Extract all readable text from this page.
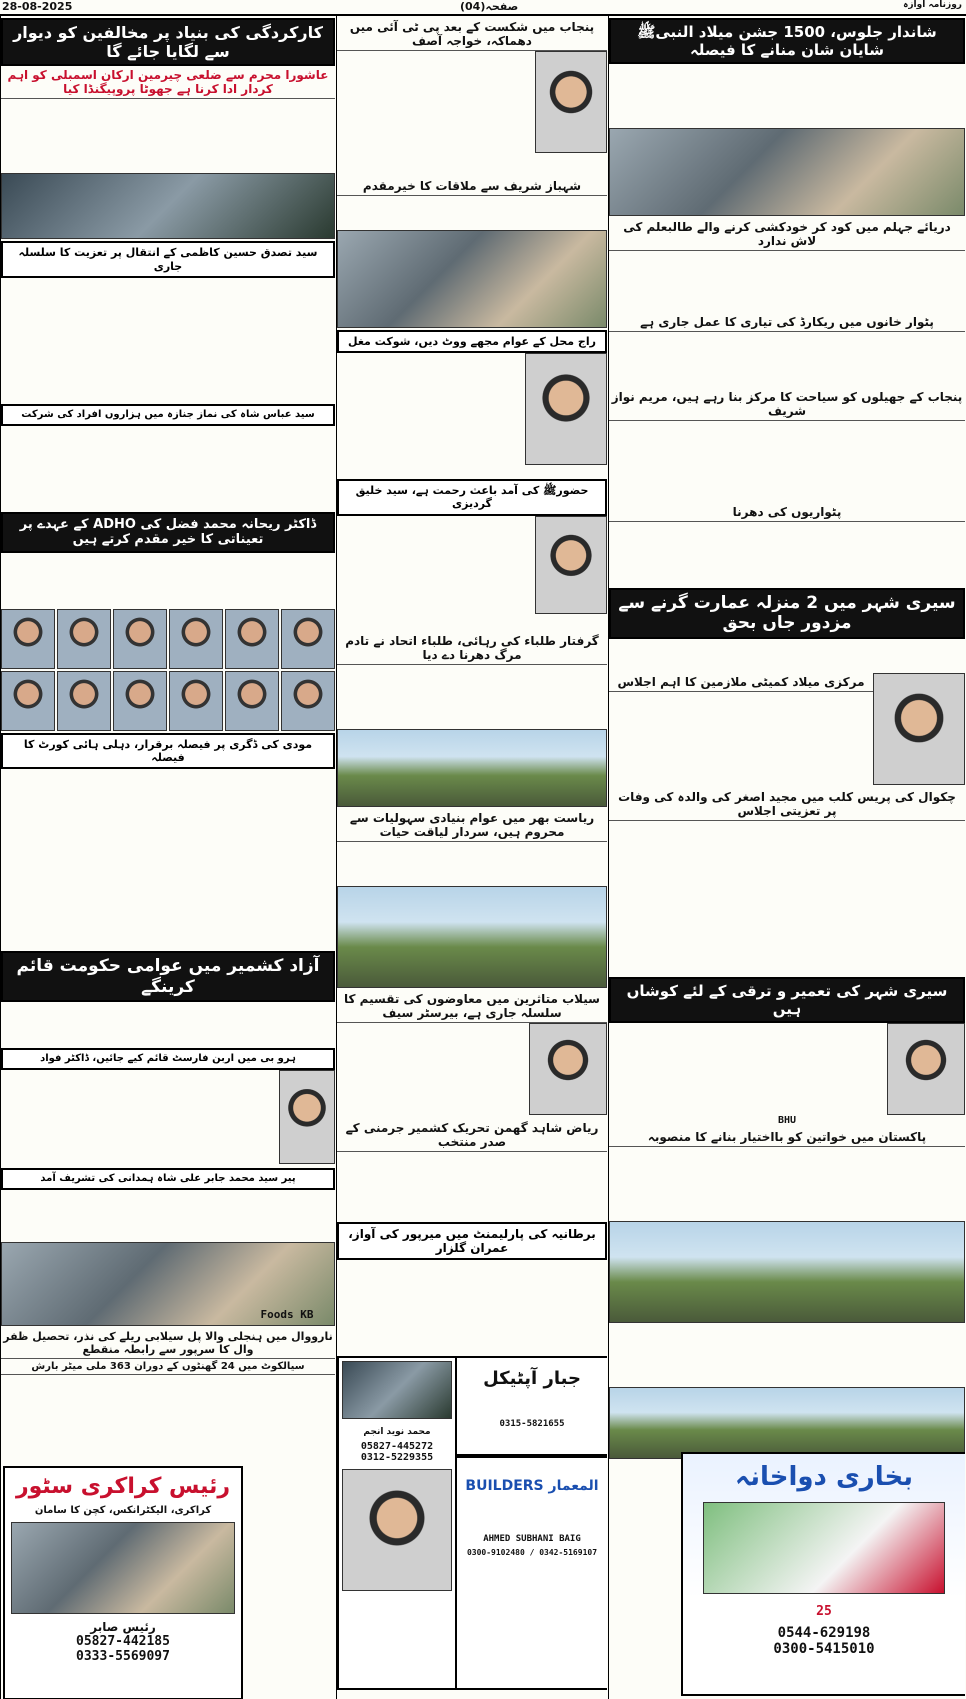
28-08-2025	صفحہ(04)	روزنامہ آوازہ
کارکردگی کی بنیاد پر مخالفین کو دیوار سے لگایا جائے گا
عاشورا محرم سے ضلعی چیرمین ارکان اسمبلی کو اہم کردار ادا کرنا ہے جھوٹا پروپیگنڈا کیا
سید تصدق حسین کاظمی کے انتقال پر تعزیت کا سلسلہ جاری
سید عباس شاہ کی نماز جنازہ میں ہزاروں افراد کی شرکت
ڈاکٹر ریحانہ محمد فضل کی ADHO کے عہدے پر تعیناتی کا خیر مقدم کرتے ہیں
مودی کی ڈگری پر فیصلہ برقرار، دہلی ہائی کورٹ کا فیصلہ
آزاد کشمیر میں عوامی حکومت قائم کرینگے
ہرو بی میں اربن فارسٹ قائم کیے جائیں، ڈاکٹر فواد
پیر سید محمد جابر علی شاہ ہمدانی کی تشریف آمد
نارووال میں ہنجلی والا پل سیلابی ریلے کی نذر، تحصیل ظفر وال کا سرپور سے رابطہ منقطع
سیالکوٹ میں 24 گھنٹوں کے دوران 363 ملی میٹر بارش
رئیس کراکری سٹور
کراکری، الیکٹرانکس، کچن کا سامان
رئیس صابر
05827-442185
0333-5569097
Foods KB
پنجاب میں شکست کے بعد پی ٹی آئی میں دھماکہ، خواجہ آصف
شہباز شریف سے ملاقات کا خیرمقدم
راج محل کے عوام مجھے ووٹ دیں، شوکت مغل
حضورﷺ کی آمد باعث رحمت ہے، سید خلیق گردیزی
گرفتار طلباء کی رہائی، طلباء اتحاد نے تادم مرگ دھرنا دے دیا
ریاست بھر میں عوام بنیادی سہولیات سے محروم ہیں، سردار لیاقت حیات
سیلاب متاثرین میں معاوضوں کی تقسیم کا سلسلہ جاری ہے، بیرسٹر سیف
ریاض شاہد گھمن تحریک کشمیر جرمنی کے صدر منتخب
برطانیہ کی پارلیمنٹ میں میرپور کی آواز، عمران گلزار
محمد نوید انجم
05827-445272
0312-5229355
المعمار BUILDERS
AHMED SUBHANI BAIG
0300-9102480 / 0342-5169107
جبار آپٹیکل
0315-5821655
شاندار جلوس، 1500 جشن میلاد النبیﷺ شایان شان منانے کا فیصلہ
دریائے جہلم میں کود کر خودکشی کرنے والے طالبعلم کی لاش ندارد
پٹوار خانوں میں ریکارڈ کی تیاری کا عمل جاری ہے
پنجاب کے جھیلوں کو سیاحت کا مرکز بنا رہے ہیں، مریم نواز شریف
پٹواریوں کی دھرنا
سیری شہر میں 2 منزلہ عمارت گرنے سے مزدور جاں بحق
مرکزی میلاد کمیٹی ملازمین کا اہم اجلاس
چکوال کی پریس کلب میں مجید اصغر کی والدہ کی وفات پر تعزیتی اجلاس
سیری شہر کی تعمیر و ترقی کے لئے کوشاں ہیں
BHU
پاکستان میں خواتین کو بااختیار بنانے کا منصوبہ
بخاری دواخانہ
25
0544-629198
0300-5415010
